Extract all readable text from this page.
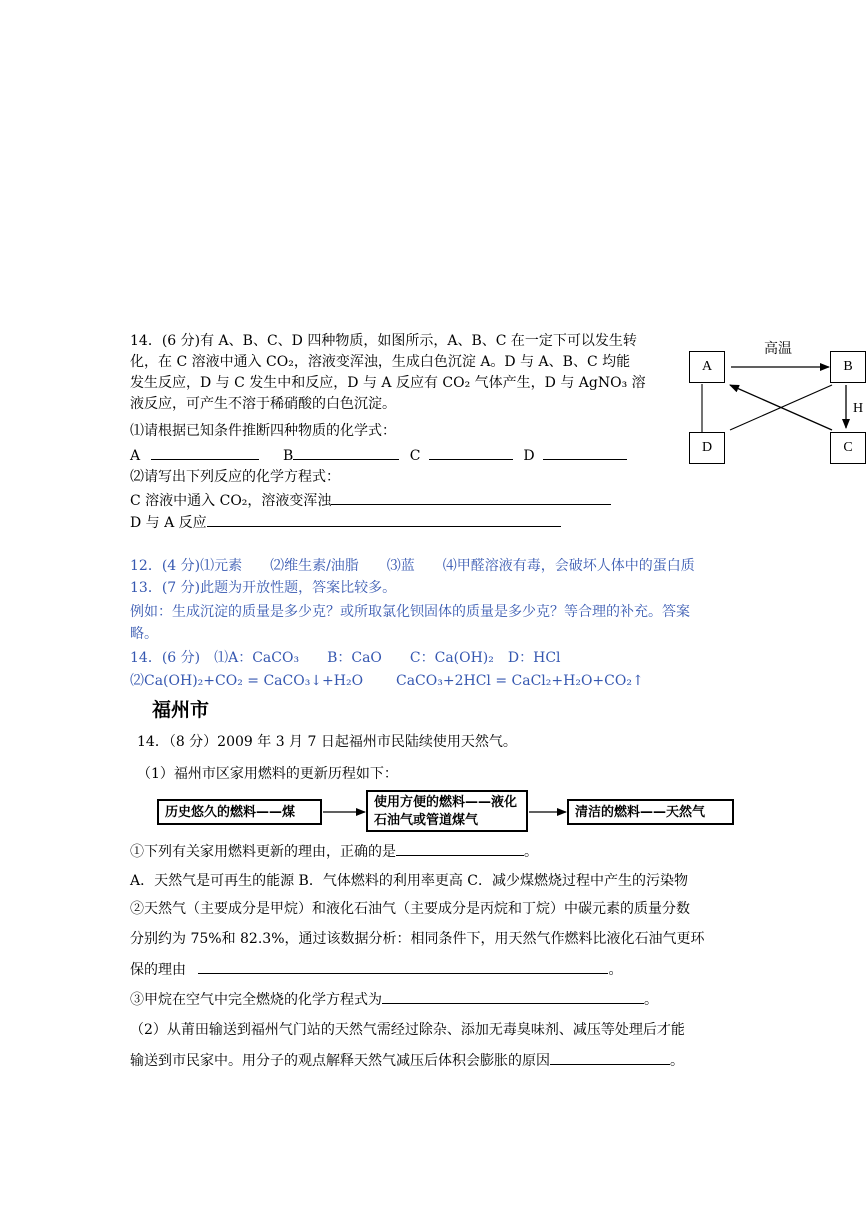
14．(6 分)有 A、B、C、D 四种物质，如图所示，A、B、C 在一定下可以发生转
化，在 C 溶液中通入 CO₂，溶液变浑浊，生成白色沉淀 A。D 与 A、B、C 均能
发生反应，D 与 C 发生中和反应，D 与 A 反应有 CO₂ 气体产生，D 与 AgNO₃ 溶
液反应，可产生不溶于稀硝酸的白色沉淀。
⑴请根据已知条件推断四种物质的化学式：
A	B	C	D
⑵请写出下列反应的化学方程式：
C 溶液中通入 CO₂，溶液变浑浊
D 与 A 反应
A	B
D	C
高温
H
12．(4 分)⑴元素　　⑵维生素/油脂　　⑶蓝　　⑷甲醛溶液有毒，会破坏人体中的蛋白质
13．(7 分)此题为开放性题，答案比较多。
例如：生成沉淀的质量是多少克？或所取氯化钡固体的质量是多少克？等合理的补充。答案
略。
14．(6 分)　⑴A：CaCO₃　　B：CaO　　C：Ca(OH)₂　D：HCl
⑵Ca(OH)₂+CO₂ = CaCO₃↓+H₂O CaCO₃+2HCl = CaCl₂+H₂O+CO₂↑
福州市
14．（8 分）2009 年 3 月 7 日起福州市民陆续使用天然气。
（1）福州市区家用燃料的更新历程如下：
历史悠久的燃料——煤
使用方便的燃料——液化石油气或管道煤气
清洁的燃料——天然气
①下列有关家用燃料更新的理由，正确的是	。
A．天然气是可再生的能源 B．气体燃料的利用率更高 C．减少煤燃烧过程中产生的污染物
②天然气（主要成分是甲烷）和液化石油气（主要成分是丙烷和丁烷）中碳元素的质量分数
分别约为 75%和 82.3%，通过该数据分析：相同条件下，用天然气作燃料比液化石油气更环
保的理由	。
③甲烷在空气中完全燃烧的化学方程式为	。
（2）从莆田输送到福州气门站的天然气需经过除杂、添加无毒臭味剂、减压等处理后才能
输送到市民家中。用分子的观点解释天然气减压后体积会膨胀的原因	。
